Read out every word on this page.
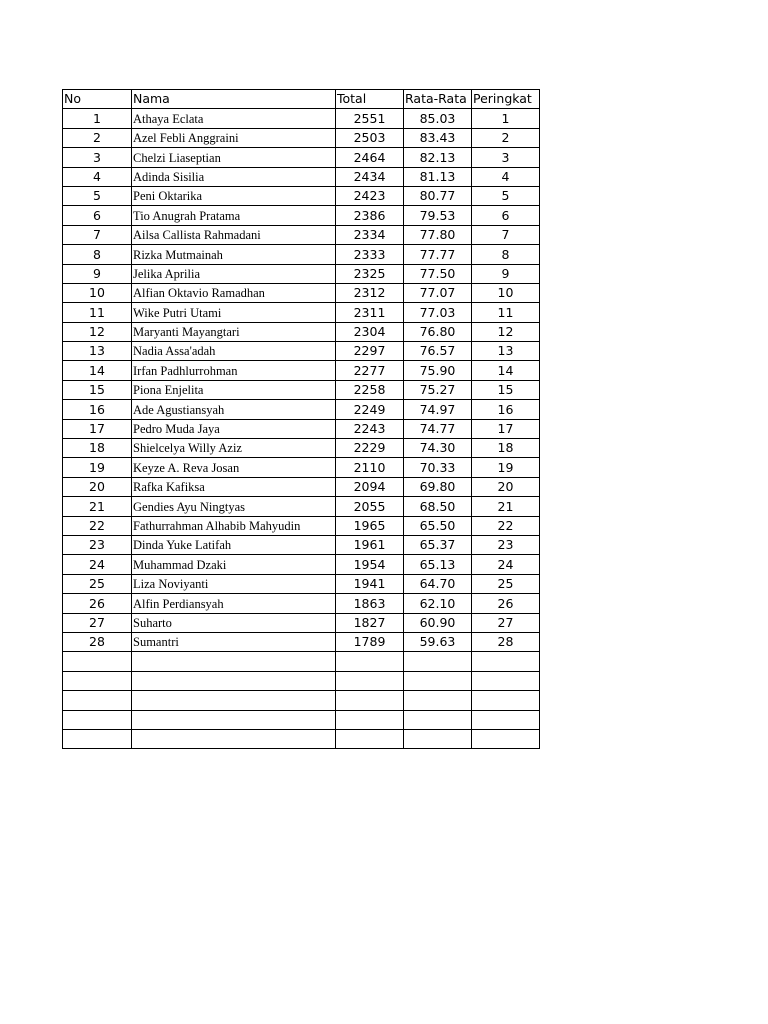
No	Nama	Total	Rata-Rata	Peringkat
1	Athaya Eclata	2551	85.03	1
2	Azel Febli Anggraini	2503	83.43	2
3	Chelzi Liaseptian	2464	82.13	3
4	Adinda Sisilia	2434	81.13	4
5	Peni Oktarika	2423	80.77	5
6	Tio Anugrah Pratama	2386	79.53	6
7	Ailsa Callista Rahmadani	2334	77.80	7
8	Rizka Mutmainah	2333	77.77	8
9	Jelika Aprilia	2325	77.50	9
10	Alfian Oktavio Ramadhan	2312	77.07	10
11	Wike Putri Utami	2311	77.03	11
12	Maryanti Mayangtari	2304	76.80	12
13	Nadia Assa'adah	2297	76.57	13
14	Irfan Padhlurrohman	2277	75.90	14
15	Piona Enjelita	2258	75.27	15
16	Ade Agustiansyah	2249	74.97	16
17	Pedro Muda Jaya	2243	74.77	17
18	Shielcelya Willy Aziz	2229	74.30	18
19	Keyze A. Reva Josan	2110	70.33	19
20	Rafka Kafiksa	2094	69.80	20
21	Gendies Ayu Ningtyas	2055	68.50	21
22	Fathurrahman Alhabib Mahyudin	1965	65.50	22
23	Dinda Yuke Latifah	1961	65.37	23
24	Muhammad Dzaki	1954	65.13	24
25	Liza Noviyanti	1941	64.70	25
26	Alfin Perdiansyah	1863	62.10	26
27	Suharto	1827	60.90	27
28	Sumantri	1789	59.63	28
